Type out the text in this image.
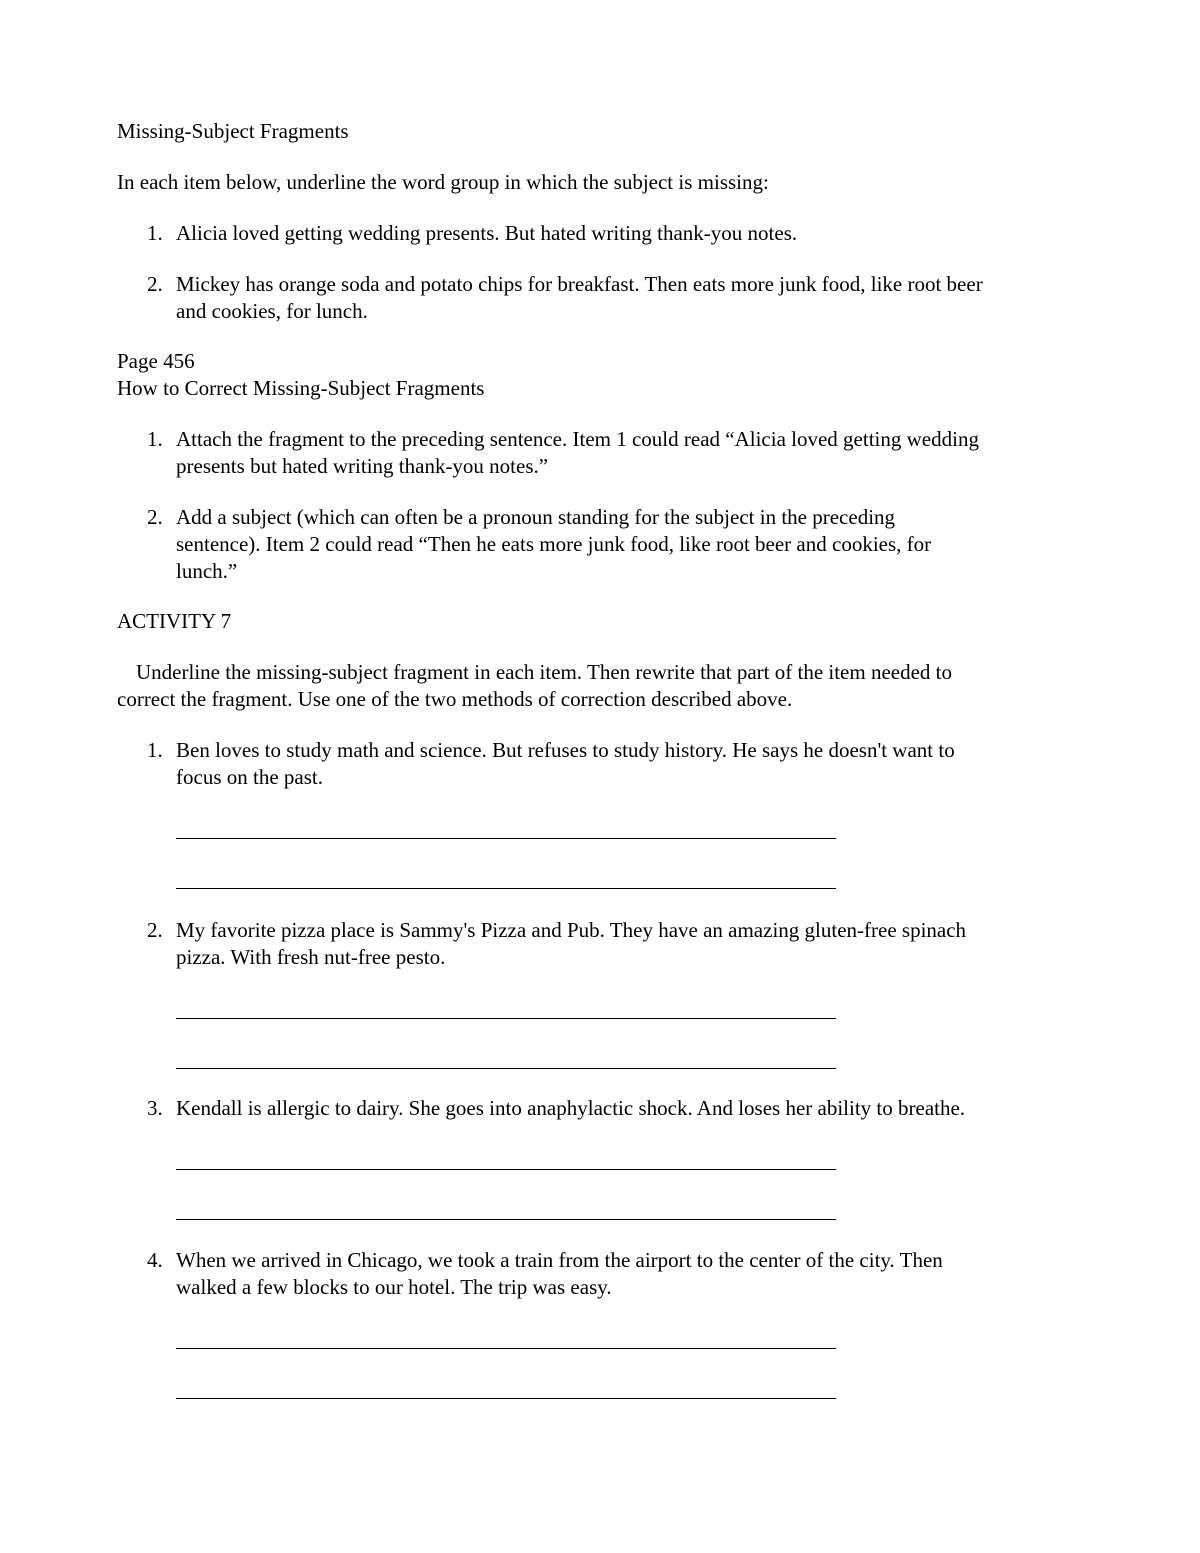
Missing-Subject Fragments

In each item below, underline the word group in which the subject is missing:

1. Alicia loved getting wedding presents. But hated writing thank-you notes.
2. Mickey has orange soda and potato chips for breakfast. Then eats more junk food, like root beer
and cookies, for lunch.

Page 456

How to Correct Missing-Subject Fragments

1. Attach the fragment to the preceding sentence. Item 1 could read “Alicia loved getting wedding
presents but hated writing thank-you notes.”
2. Add a subject (which can often be a pronoun standing for the subject in the preceding
sentence). Item 2 could read “Then he eats more junk food, like root beer and cookies, for
lunch.”

ACTIVITY 7

Underline the missing-subject fragment in each item. Then rewrite that part of the item needed to

correct the fragment. Use one of the two methods of correction described above.

1. Ben loves to study math and science. But refuses to study history. He says he doesn't want to
focus on the past.
2. My favorite pizza place is Sammy's Pizza and Pub. They have an amazing gluten-free spinach
pizza. With fresh nut-free pesto.
3. Kendall is allergic to dairy. She goes into anaphylactic shock. And loses her ability to breathe.
4. When we arrived in Chicago, we took a train from the airport to the center of the city. Then
walked a few blocks to our hotel. The trip was easy.
